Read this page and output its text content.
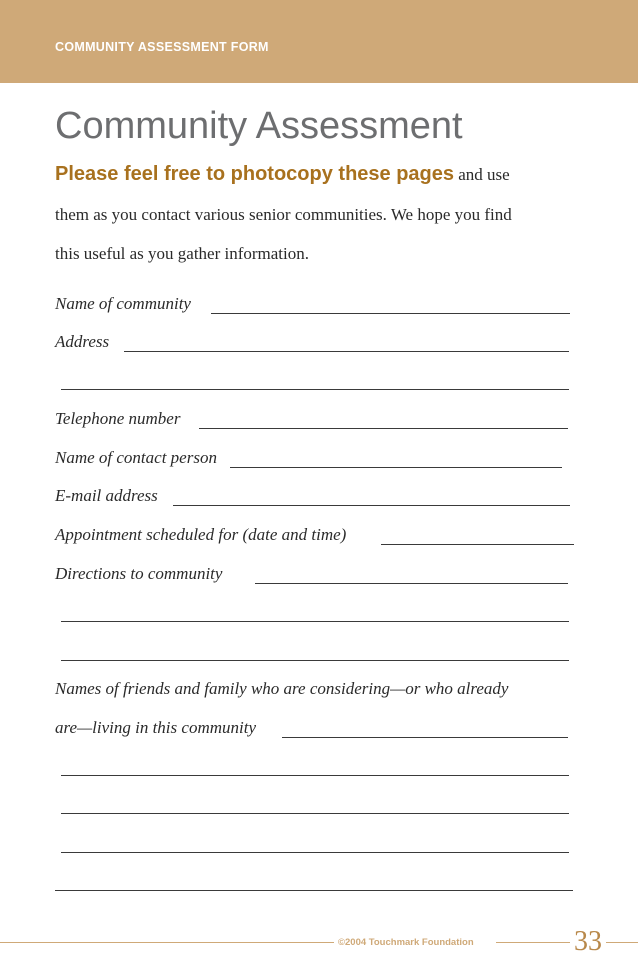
COMMUNITY ASSESSMENT FORM
Community Assessment
Please feel free to photocopy these pages and use
them as you contact various senior communities. We hope you find
this useful as you gather information.
Name of community
Address
Telephone number
Name of contact person
E-mail address
Appointment scheduled for (date and time)
Directions to community
Names of friends and family who are considering—or who already
are—living in this community
©2004 Touchmark Foundation	33
